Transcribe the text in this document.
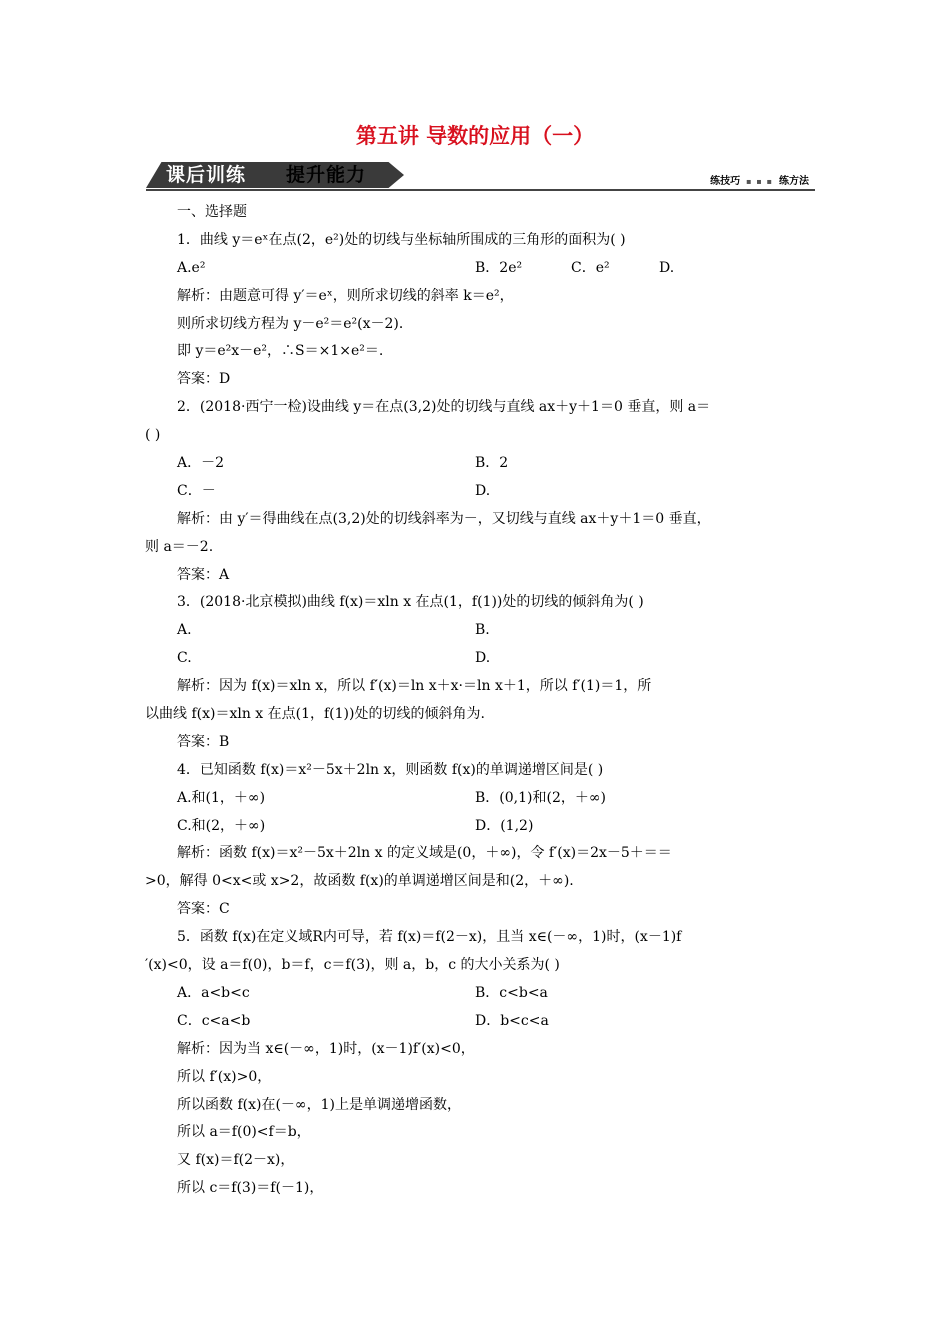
第五讲 导数的应用（一）
课后训练 提升能力	练技巧 ▪ ▪ ▪ 练方法
一、选择题
1．曲线 y＝eˣ在点(2，e²)处的切线与坐标轴所围成的三角形的面积为( )
A.e²	B．2e²	C．e²	D.
解析：由题意可得 y′＝eˣ，则所求切线的斜率 k＝e²，
则所求切线方程为 y－e²＝e²(x－2)．
即 y＝e²x－e²，∴S＝×1×e²＝.
答案：D
2．(2018·西宁一检)设曲线 y＝在点(3,2)处的切线与直线 ax＋y＋1＝0 垂直，则 a＝
( )
A．－2	B．2
C．－	D.
解析：由 y′＝得曲线在点(3,2)处的切线斜率为－，又切线与直线 ax＋y＋1＝0 垂直，
则 a＝－2.
答案：A
3．(2018·北京模拟)曲线 f(x)＝xln x 在点(1，f(1))处的切线的倾斜角为( )
A.	B.
C.	D.
解析：因为 f(x)＝xln x，所以 f′(x)＝ln x＋x·＝ln x＋1，所以 f′(1)＝1，所
以曲线 f(x)＝xln x 在点(1，f(1))处的切线的倾斜角为.
答案：B
4．已知函数 f(x)＝x²－5x＋2ln x，则函数 f(x)的单调递增区间是( )
A.和(1，＋∞)	B．(0,1)和(2，＋∞)
C.和(2，＋∞)	D．(1,2)
解析：函数 f(x)＝x²－5x＋2ln x 的定义域是(0，＋∞)，令 f′(x)＝2x－5＋＝＝
>0，解得 0<x<或 x>2，故函数 f(x)的单调递增区间是和(2，＋∞).
答案：C
5．函数 f(x)在定义域R内可导，若 f(x)＝f(2－x)，且当 x∈(－∞，1)时，(x－1)f
′(x)<0，设 a＝f(0)，b＝f，c＝f(3)，则 a，b，c 的大小关系为( )
A．a<b<c	B．c<b<a
C．c<a<b	D．b<c<a
解析：因为当 x∈(－∞，1)时，(x－1)f′(x)<0，
所以 f′(x)>0，
所以函数 f(x)在(－∞，1)上是单调递增函数，
所以 a＝f(0)<f＝b，
又 f(x)＝f(2－x)，
所以 c＝f(3)＝f(－1)，
